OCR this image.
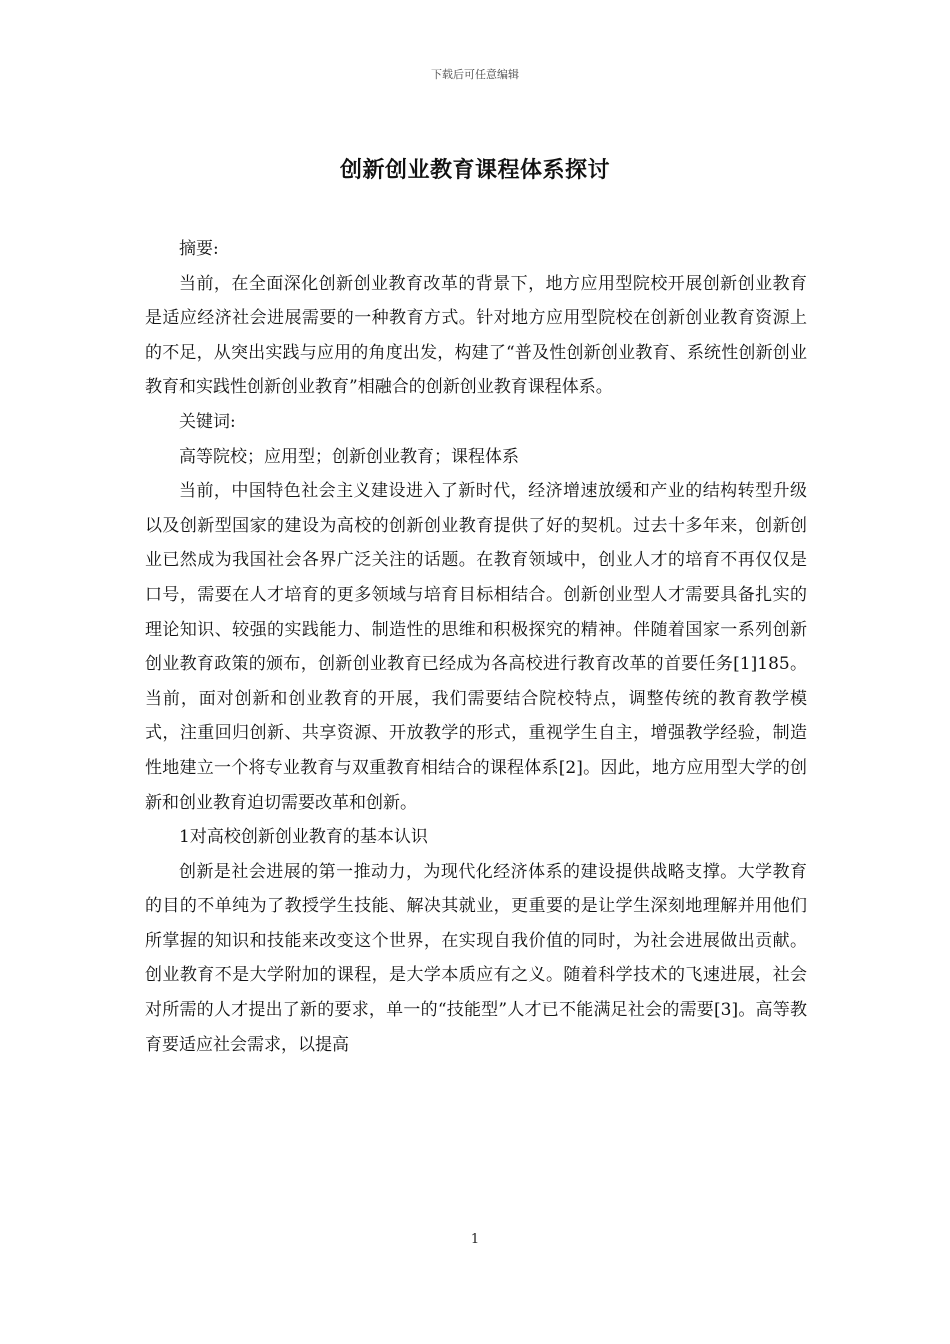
下载后可任意编辑
创新创业教育课程体系探讨

摘要:

当前，在全面深化创新创业教育改革的背景下，地方应用型院校开展创新创业教育是适应经济社会进展需要的一种教育方式。针对地方应用型院校在创新创业教育资源上的不足，从突出实践与应用的角度出发，构建了“普及性创新创业教育、系统性创新创业教育和实践性创新创业教育”相融合的创新创业教育课程体系。

关键词:

高等院校；应用型；创新创业教育；课程体系

当前，中国特色社会主义建设进入了新时代，经济增速放缓和产业的结构转型升级以及创新型国家的建设为高校的创新创业教育提供了好的契机。过去十多年来，创新创业已然成为我国社会各界广泛关注的话题。在教育领域中，创业人才的培育不再仅仅是口号，需要在人才培育的更多领域与培育目标相结合。创新创业型人才需要具备扎实的理论知识、较强的实践能力、制造性的思维和积极探究的精神。伴随着国家一系列创新创业教育政策的颁布，创新创业教育已经成为各高校进行教育改革的首要任务[1]185。当前，面对创新和创业教育的开展，我们需要结合院校特点，调整传统的教育教学模式，注重回归创新、共享资源、开放教学的形式，重视学生自主，增强教学经验，制造性地建立一个将专业教育与双重教育相结合的课程体系[2]。因此，地方应用型大学的创新和创业教育迫切需要改革和创新。

1对高校创新创业教育的基本认识

创新是社会进展的第一推动力，为现代化经济体系的建设提供战略支撑。大学教育的目的不单纯为了教授学生技能、解决其就业，更重要的是让学生深刻地理解并用他们所掌握的知识和技能来改变这个世界，在实现自我价值的同时，为社会进展做出贡献。创业教育不是大学附加的课程，是大学本质应有之义。随着科学技术的飞速进展，社会对所需的人才提出了新的要求，单一的“技能型”人才已不能满足社会的需要[3]。高等教育要适应社会需求，以提高

1
